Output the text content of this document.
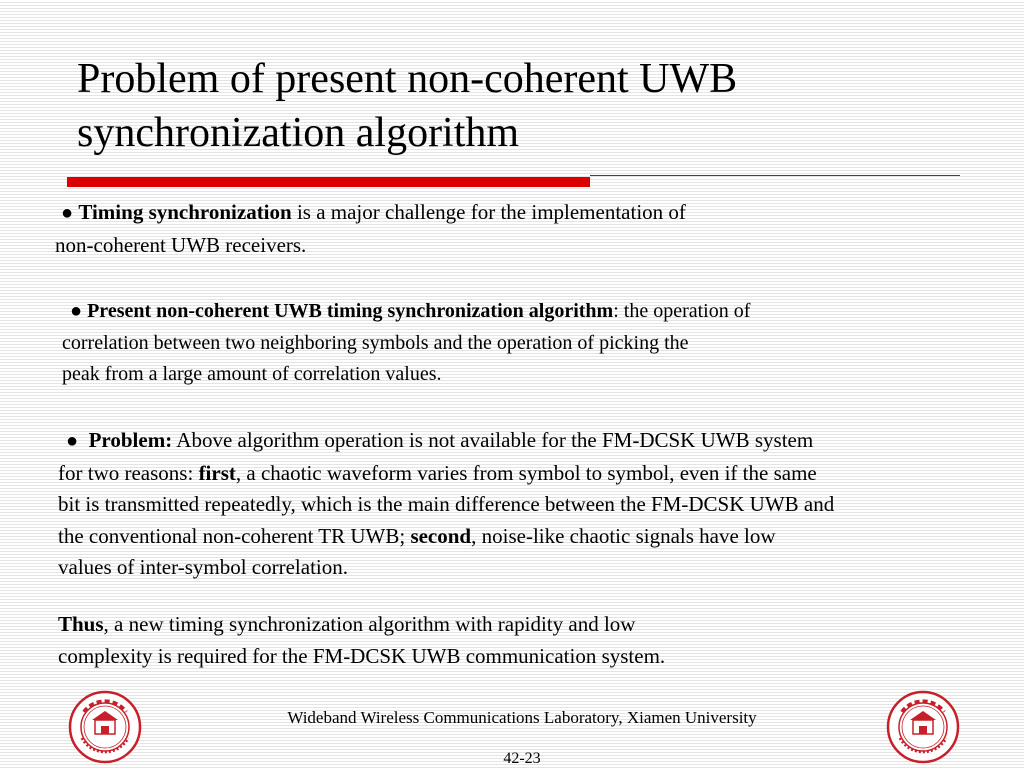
Problem of present non-coherent UWB
synchronization algorithm
● Timing synchronization is a major challenge for the implementation of
non-coherent UWB receivers.
● Present non-coherent UWB timing synchronization algorithm: the operation of
correlation between two neighboring symbols and the operation of picking the
peak from a large amount of correlation values.
● Problem: Above algorithm operation is not available for the FM-DCSK UWB system
for two reasons: first, a chaotic waveform varies from symbol to symbol, even if the same
bit is transmitted repeatedly, which is the main difference between the FM-DCSK UWB and
the conventional non-coherent TR UWB; second, noise-like chaotic signals have low
values of inter-symbol correlation.
Thus, a new timing synchronization algorithm with rapidity and low
complexity is required for the FM-DCSK UWB communication system.
Wideband Wireless Communications Laboratory, Xiamen University
42-23
